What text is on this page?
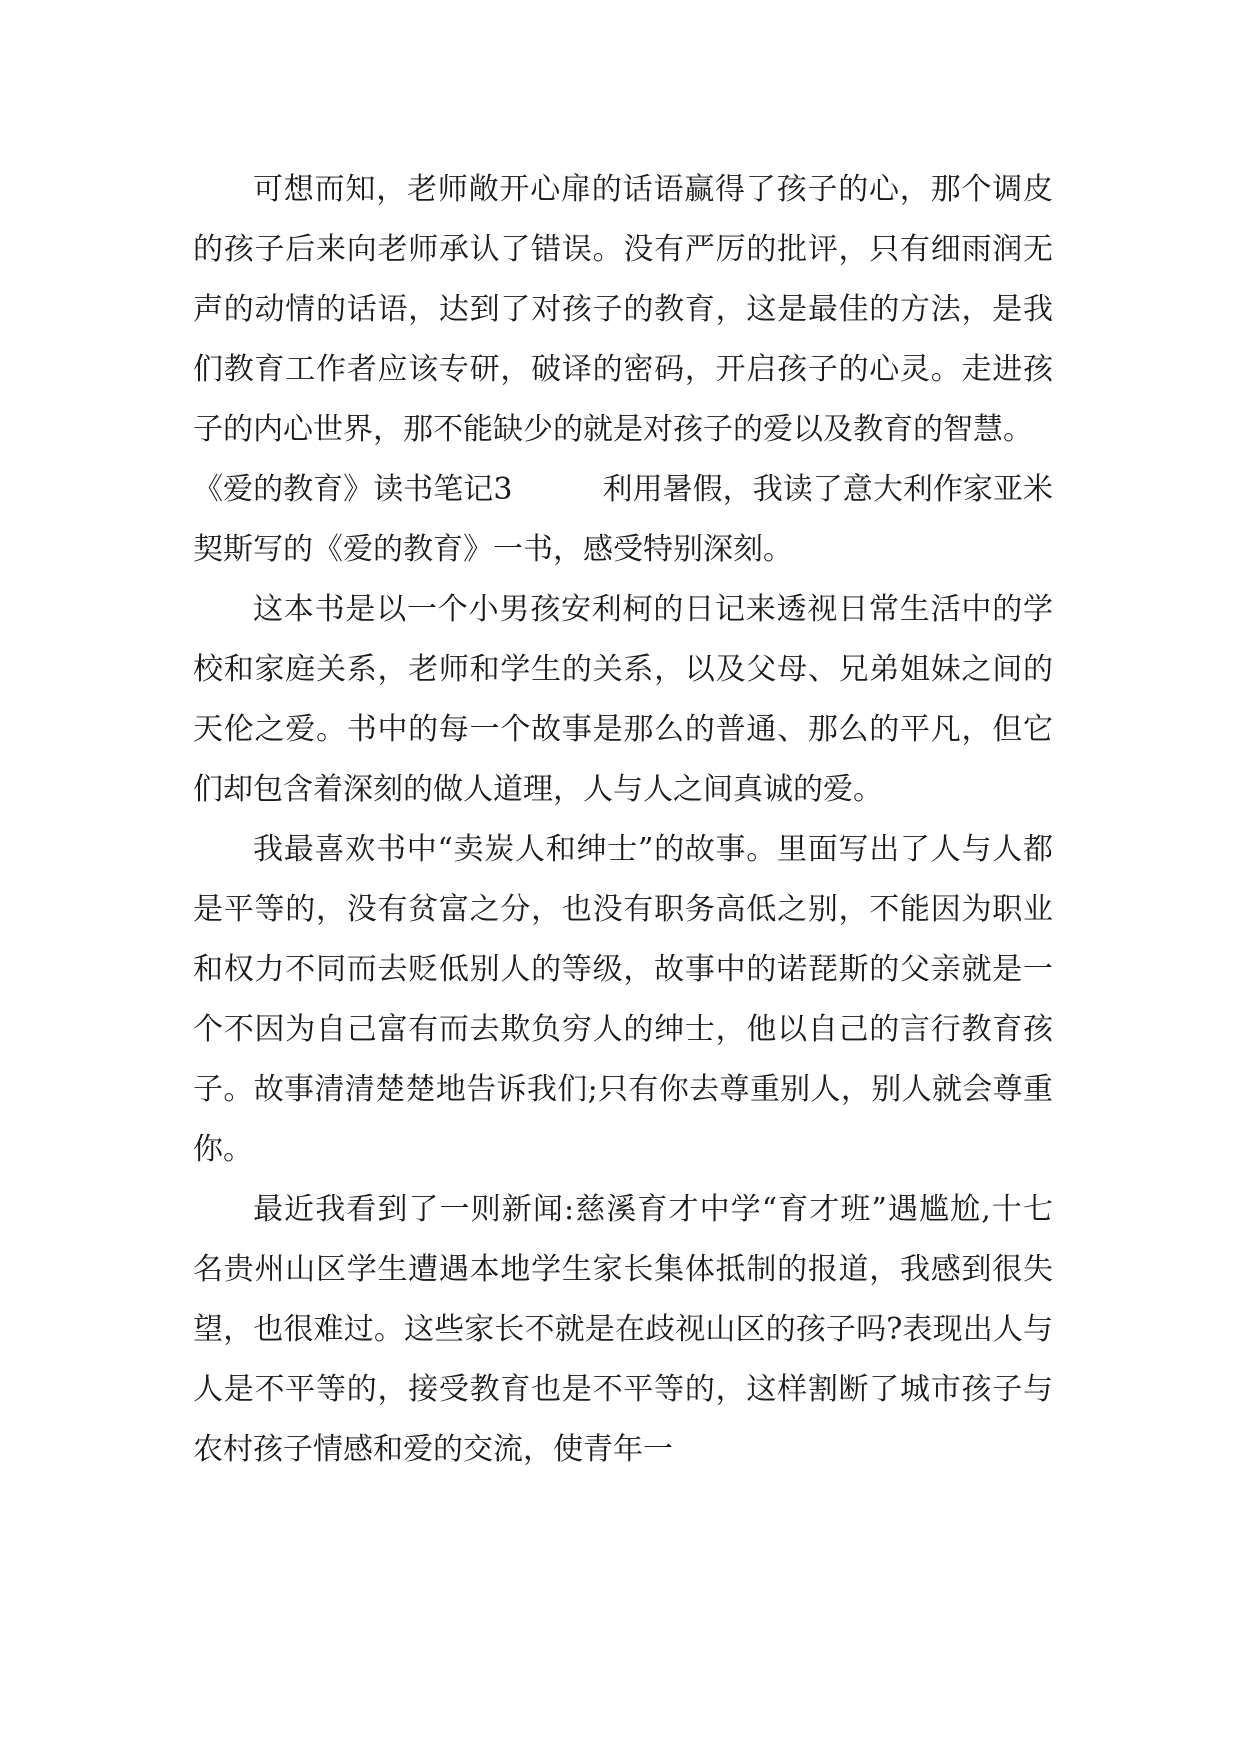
可想而知，老师敞开心扉的话语赢得了孩子的心，那个调皮的孩子后来向老师承认了错误。没有严厉的批评，只有细雨润无声的动情的话语，达到了对孩子的教育，这是最佳的方法，是我们教育工作者应该专研，破译的密码，开启孩子的心灵。走进孩子的内心世界，那不能缺少的就是对孩子的爱以及教育的智慧。

《爱的教育》读书笔记3　　　利用暑假，我读了意大利作家亚米契斯写的《爱的教育》一书，感受特别深刻。

这本书是以一个小男孩安利柯的日记来透视日常生活中的学校和家庭关系，老师和学生的关系，以及父母、兄弟姐妹之间的天伦之爱。书中的每一个故事是那么的普通、那么的平凡，但它们却包含着深刻的做人道理，人与人之间真诚的爱。

我最喜欢书中“卖炭人和绅士”的故事。里面写出了人与人都是平等的，没有贫富之分，也没有职务高低之别，不能因为职业和权力不同而去贬低别人的等级，故事中的诺琵斯的父亲就是一个不因为自己富有而去欺负穷人的绅士，他以自己的言行教育孩子。故事清清楚楚地告诉我们;只有你去尊重别人，别人就会尊重你。

最近我看到了一则新闻:慈溪育才中学“育才班”遇尴尬,十七名贵州山区学生遭遇本地学生家长集体抵制的报道，我感到很失望，也很难过。这些家长不就是在歧视山区的孩子吗?表现出人与人是不平等的，接受教育也是不平等的，这样割断了城市孩子与农村孩子情感和爱的交流，使青年一
